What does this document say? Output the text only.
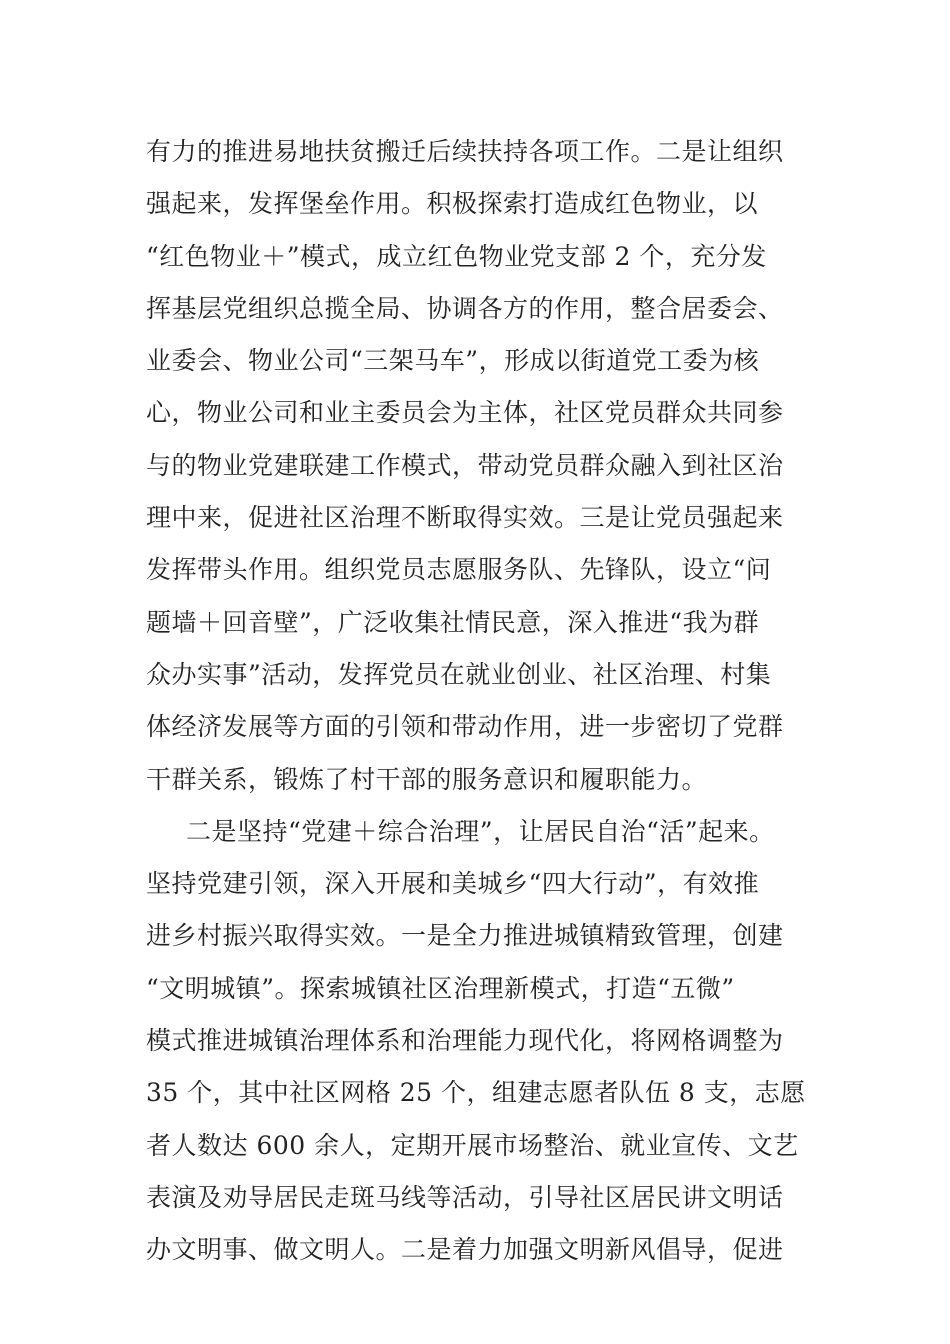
有力的推进易地扶贫搬迁后续扶持各项工作。二是让组织
强起来，发挥堡垒作用。积极探索打造成红色物业，以
“红色物业＋”模式，成立红色物业党支部 2 个，充分发
挥基层党组织总揽全局、协调各方的作用，整合居委会、
业委会、物业公司“三架马车”，形成以街道党工委为核
心，物业公司和业主委员会为主体，社区党员群众共同参
与的物业党建联建工作模式，带动党员群众融入到社区治
理中来，促进社区治理不断取得实效。三是让党员强起来
发挥带头作用。组织党员志愿服务队、先锋队，设立“问
题墙＋回音壁”，广泛收集社情民意，深入推进“我为群
众办实事”活动，发挥党员在就业创业、社区治理、村集
体经济发展等方面的引领和带动作用，进一步密切了党群
干群关系，锻炼了村干部的服务意识和履职能力。
二是坚持“党建＋综合治理”，让居民自治“活”起来。
坚持党建引领，深入开展和美城乡“四大行动”，有效推
进乡村振兴取得实效。一是全力推进城镇精致管理，创建
“文明城镇”。探索城镇社区治理新模式，打造“五微”
模式推进城镇治理体系和治理能力现代化，将网格调整为
35 个，其中社区网格 25 个，组建志愿者队伍 8 支，志愿
者人数达 600 余人，定期开展市场整治、就业宣传、文艺
表演及劝导居民走斑马线等活动，引导社区居民讲文明话
办文明事、做文明人。二是着力加强文明新风倡导，促进
